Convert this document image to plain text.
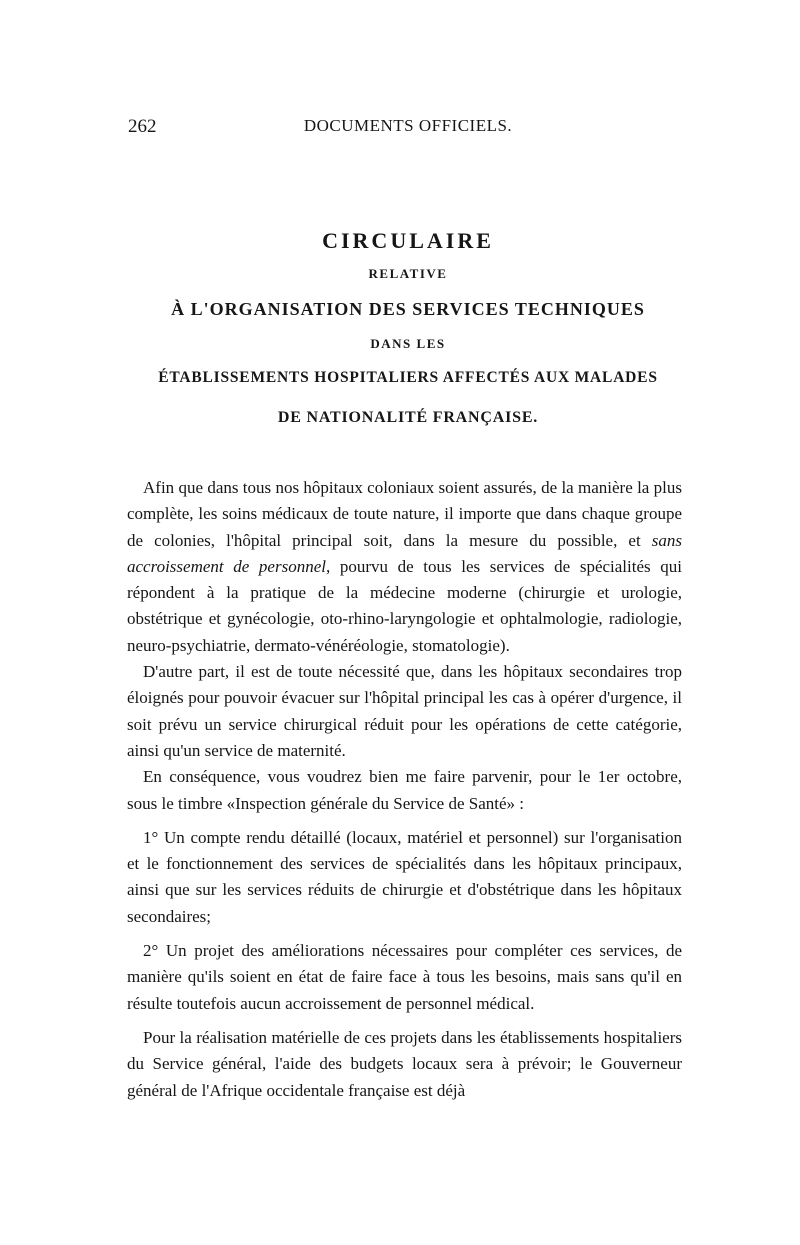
262	DOCUMENTS OFFICIELS.
CIRCULAIRE
RELATIVE
À L'ORGANISATION DES SERVICES TECHNIQUES
DANS LES
ÉTABLISSEMENTS HOSPITALIERS AFFECTÉS AUX MALADES
DE NATIONALITÉ FRANÇAISE.

Afin que dans tous nos hôpitaux coloniaux soient assurés, de la manière la plus complète, les soins médicaux de toute nature, il importe que dans chaque groupe de colonies, l'hôpital principal soit, dans la mesure du possible, et sans accroissement de personnel, pourvu de tous les services de spécialités qui répondent à la pratique de la médecine moderne (chirurgie et urologie, obstétrique et gynécologie, oto-rhino-laryngologie et ophtalmologie, radiologie, neuro-psychiatrie, dermato-vénéréologie, stomatologie).

D'autre part, il est de toute nécessité que, dans les hôpitaux secondaires trop éloignés pour pouvoir évacuer sur l'hôpital principal les cas à opérer d'urgence, il soit prévu un service chirurgical réduit pour les opérations de cette catégorie, ainsi qu'un service de maternité.

En conséquence, vous voudrez bien me faire parvenir, pour le 1er octobre, sous le timbre «Inspection générale du Service de Santé» :

1° Un compte rendu détaillé (locaux, matériel et personnel) sur l'organisation et le fonctionnement des services de spécialités dans les hôpitaux principaux, ainsi que sur les services réduits de chirurgie et d'obstétrique dans les hôpitaux secondaires;

2° Un projet des améliorations nécessaires pour compléter ces services, de manière qu'ils soient en état de faire face à tous les besoins, mais sans qu'il en résulte toutefois aucun accroissement de personnel médical.

Pour la réalisation matérielle de ces projets dans les établissements hospitaliers du Service général, l'aide des budgets locaux sera à prévoir; le Gouverneur général de l'Afrique occidentale française est déjà
